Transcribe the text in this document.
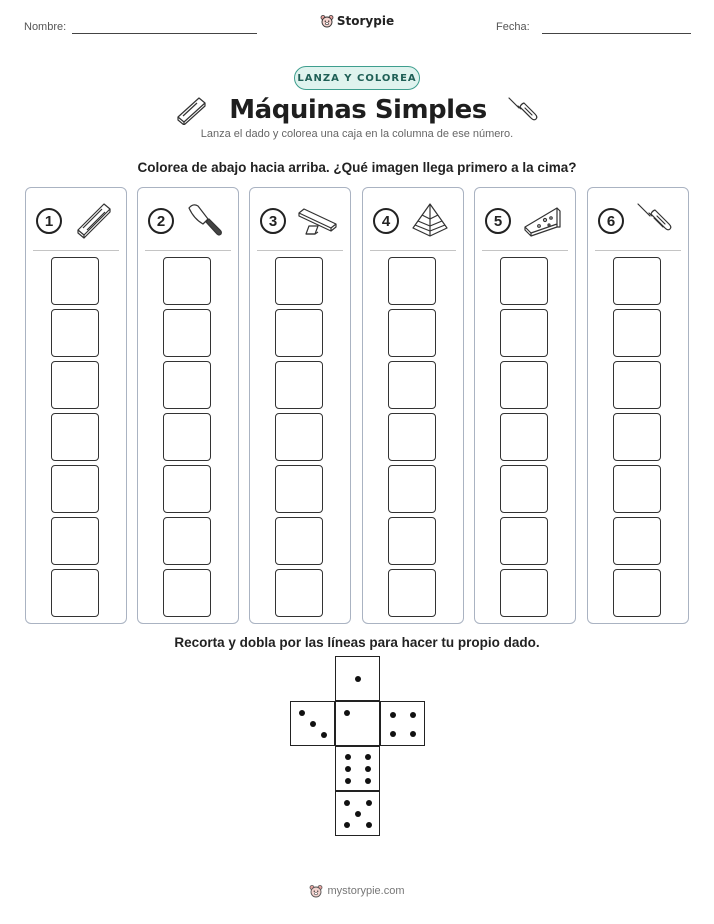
Nombre:	Fecha:
Storypie
LANZA Y COLOREA
Máquinas Simples
Lanza el dado y colorea una caja en la columna de ese número.
Colorea de abajo hacia arriba. ¿Qué imagen llega primero a la cima?
1	2	3	4	5	6
Recorta y dobla por las líneas para hacer tu propio dado.
mystorypie.com
